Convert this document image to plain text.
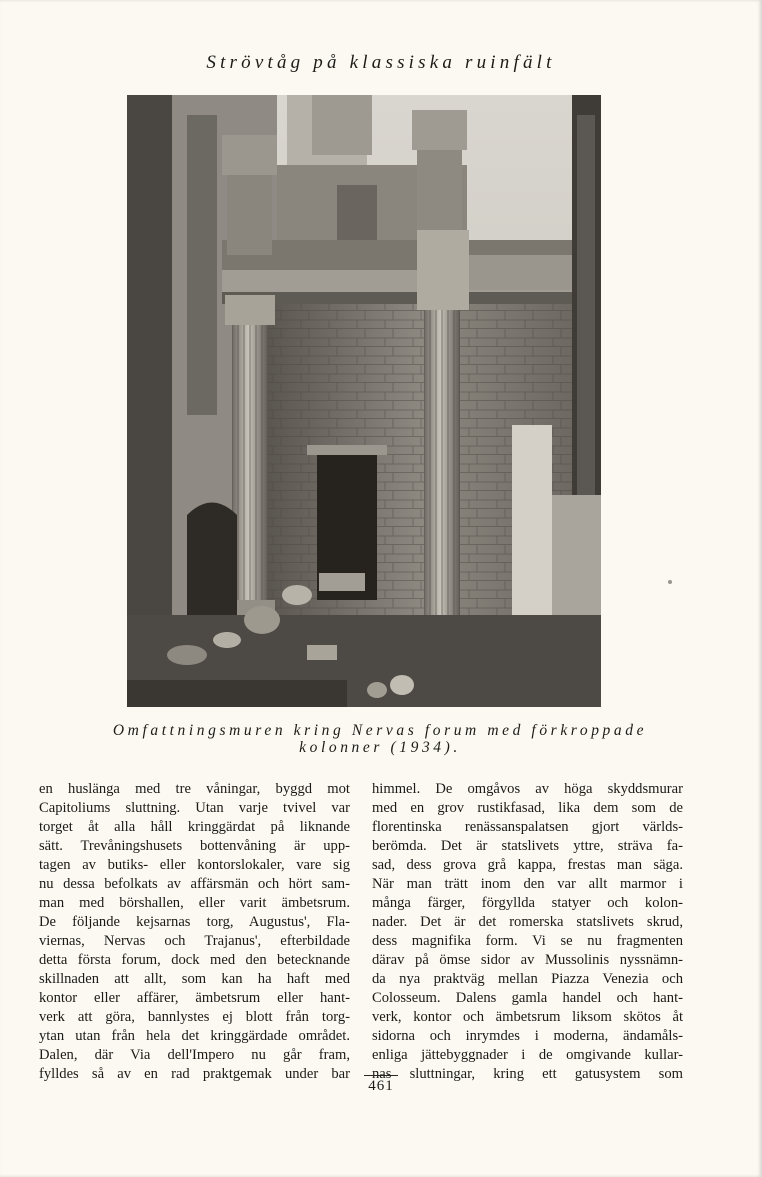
Strövtåg på klassiska ruinfält
Omfattningsmuren kring Nervas forum med förkroppade
kolonner (1934).
en huslänga med tre våningar, byggd mot
Capitoliums sluttning. Utan varje tvivel var
torget åt alla håll kringgärdat på liknande
sätt. Trevåningshusets bottenvåning är upp-
tagen av butiks- eller kontorslokaler, vare sig
nu dessa befolkats av affärsmän och hört sam-
man med börshallen, eller varit ämbetsrum.
De följande kejsarnas torg, Augustus', Fla-
viernas, Nervas och Trajanus', efterbildade
detta första forum, dock med den betecknande
skillnaden att allt, som kan ha haft med
kontor eller affärer, ämbetsrum eller hant-
verk att göra, bannlystes ej blott från torg-
ytan utan från hela det kringgärdade området.
Dalen, där Via dell'Impero nu går fram,
fylldes så av en rad praktgemak under bar
himmel. De omgåvos av höga skyddsmurar
med en grov rustikfasad, lika dem som de
florentinska renässanspalatsen gjort världs-
berömda. Det är statslivets yttre, sträva fa-
sad, dess grova grå kappa, frestas man säga.
När man trätt inom den var allt marmor i
många färger, förgyllda statyer och kolon-
nader. Det är det romerska statslivets skrud,
dess magnifika form. Vi se nu fragmenten
därav på ömse sidor av Mussolinis nyssnämn-
da nya praktväg mellan Piazza Venezia och
Colosseum. Dalens gamla handel och hant-
verk, kontor och ämbetsrum liksom skötos åt
sidorna och inrymdes i moderna, ändamåls-
enliga jättebyggnader i de omgivande kullar-
nas sluttningar, kring ett gatusystem som
461
